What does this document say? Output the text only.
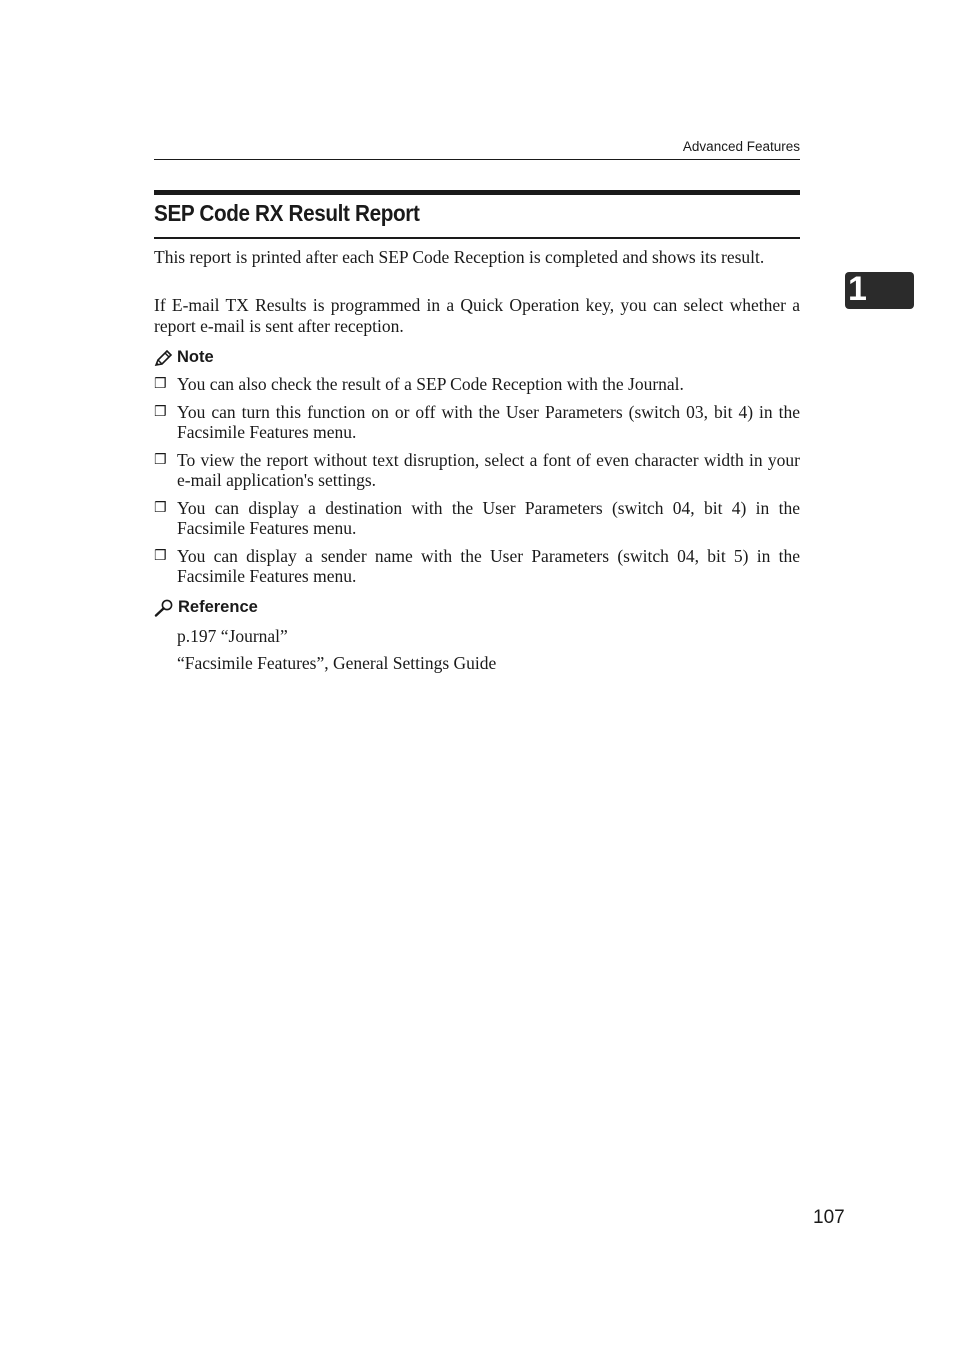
Advanced Features
SEP Code RX Result Report

This report is printed after each SEP Code Reception is completed and shows its result.

If E-mail TX Results is programmed in a Quick Operation key, you can select whether a report e-mail is sent after reception.

1
Note
❒ You can also check the result of a SEP Code Reception with the Journal.
❒ You can turn this function on or off with the User Parameters (switch 03, bit 4) in the Facsimile Features menu.
❒ To view the report without text disruption, select a font of even character width in your e-mail application's settings.
❒ You can display a destination with the User Parameters (switch 04, bit 4) in the Facsimile Features menu.
❒ You can display a sender name with the User Parameters (switch 04, bit 5) in the Facsimile Features menu.
Reference

p.197 “Journal”

“Facsimile Features”, General Settings Guide

107
